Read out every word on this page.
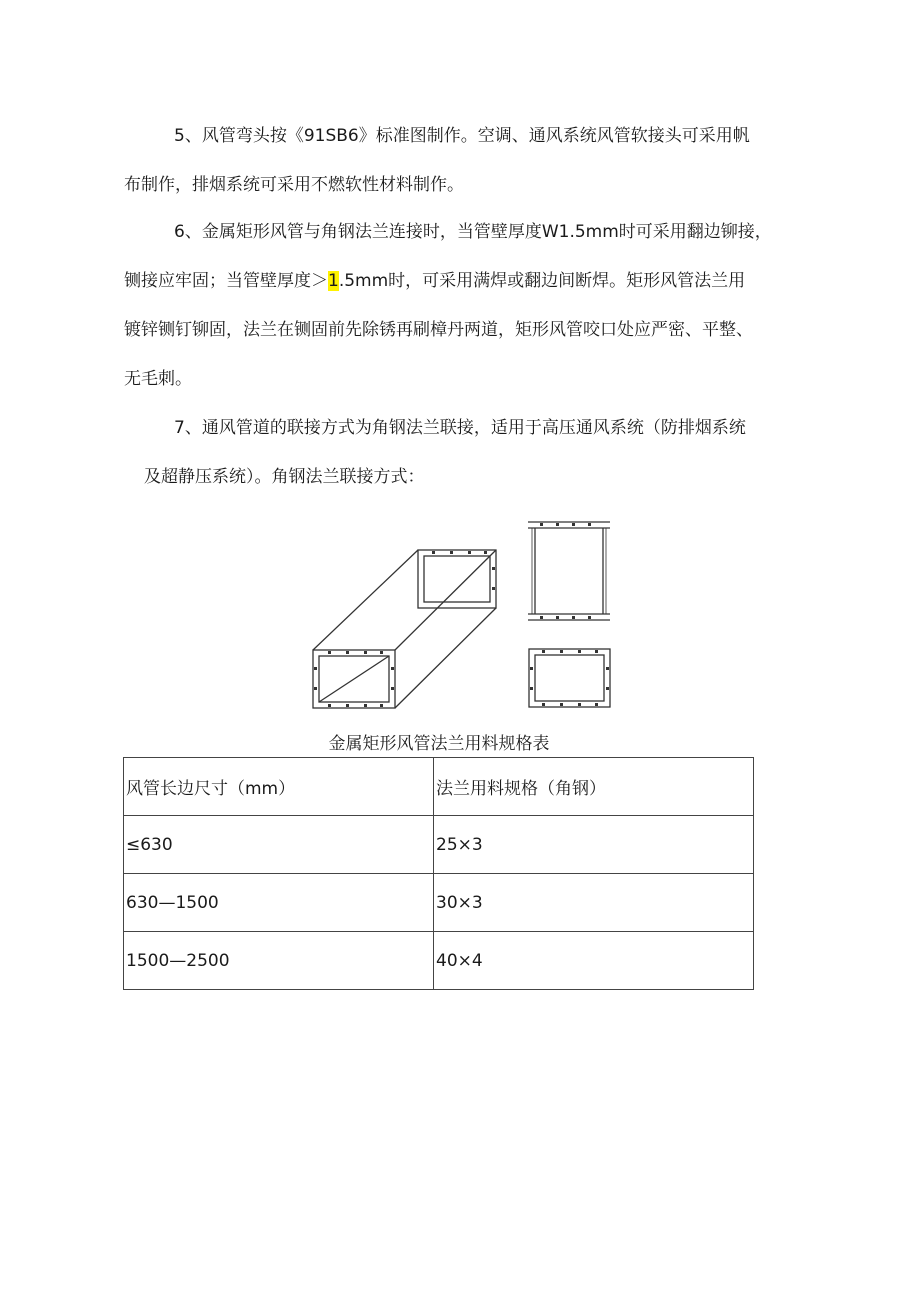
5、风管弯头按《91SB6》标准图制作。空调、通风系统风管软接头可采用帆
布制作，排烟系统可采用不燃软性材料制作。

6、金属矩形风管与角钢法兰连接时，当管壁厚度W1.5mm时可采用翻边铆接，
铡接应牢固；当管壁厚度＞1.5mm时，可采用满焊或翻边间断焊。矩形风管法兰用
镀锌铡钉铆固，法兰在铡固前先除锈再刷樟丹两道，矩形风管咬口处应严密、平整、
无毛刺。

7、通风管道的联接方式为角钢法兰联接，适用于高压通风系统（防排烟系统
及超静压系统）。角钢法兰联接方式：

金属矩形风管法兰用料规格表
风管长边尺寸（mm）	法兰用料规格（角钢）
≤630	25×3
630—1500	30×3
1500—2500	40×4
